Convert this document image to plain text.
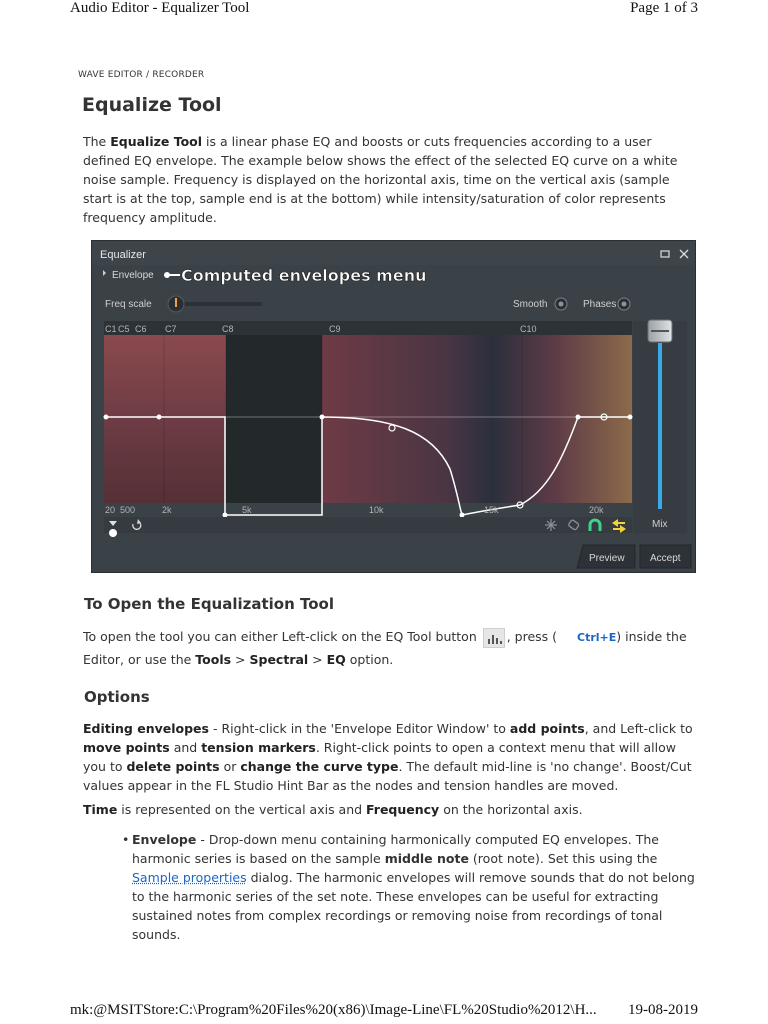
Audio Editor - Equalizer Tool	Page 1 of 3
WAVE EDITOR / RECORDER
Equalize Tool

The Equalize Tool is a linear phase EQ and boosts or cuts frequencies according to a user defined EQ envelope. The example below shows the effect of the selected EQ curve on a white noise sample. Frequency is displayed on the horizontal axis, time on the vertical axis (sample start is at the top, sample end is at the bottom) while intensity/saturation of color represents frequency amplitude.

Equalizer
Envelope Computed envelopes menu
Freq scale	Smooth	Phases
C1 C5 C6 C7	C8	C9	C10
20 500	2k	5k	10k	15k	20k
Mix
Preview	Accept
To Open the Equalization Tool

To open the tool you can either Left-click on the EQ Tool button , press ( Ctrl+E) inside the Editor, or use the Tools > Spectral > EQ option.

Options

Editing envelopes - Right-click in the 'Envelope Editor Window' to add points, and Left-click to move points and tension markers. Right-click points to open a context menu that will allow you to delete points or change the curve type. The default mid-line is 'no change'. Boost/Cut values appear in the FL Studio Hint Bar as the nodes and tension handles are moved.

Time is represented on the vertical axis and Frequency on the horizontal axis.

• Envelope - Drop-down menu containing harmonically computed EQ envelopes. The harmonic series is based on the sample middle note (root note). Set this using the Sample properties dialog. The harmonic envelopes will remove sounds that do not belong to the harmonic series of the set note. These envelopes can be useful for extracting sustained notes from complex recordings or removing noise from recordings of tonal sounds.
mk:@MSITStore:C:\Program%20Files%20(x86)\Image-Line\FL%20Studio%2012\H...	19-08-2019
